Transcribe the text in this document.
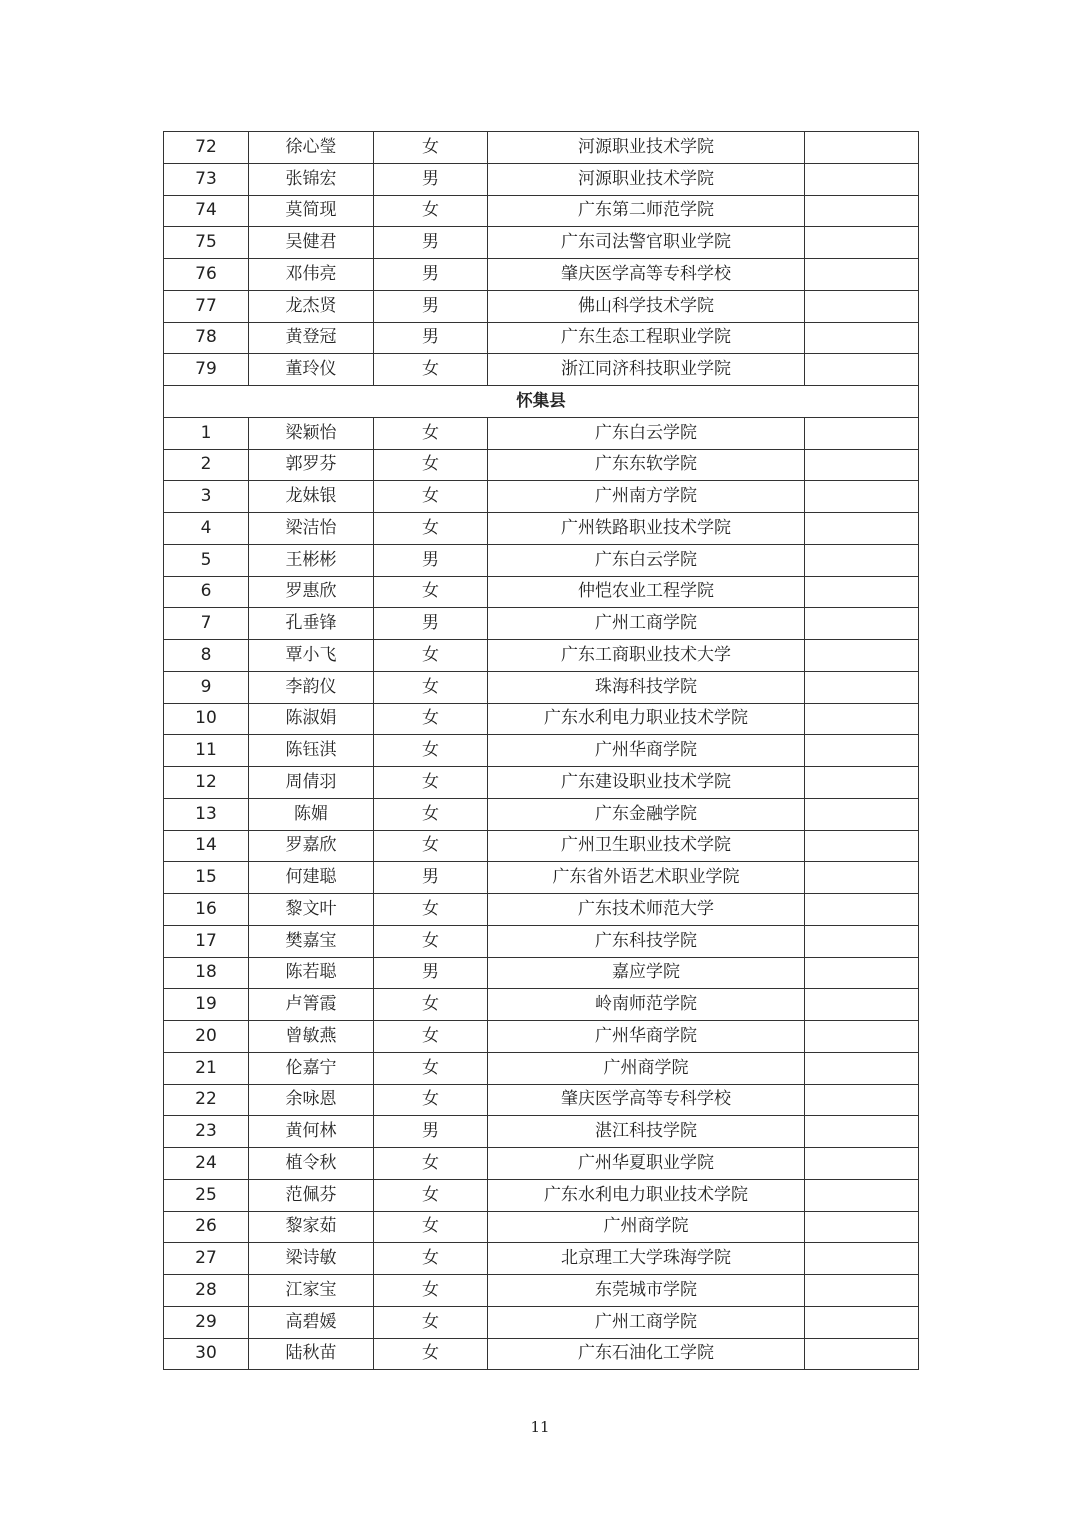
72	徐心瑩	女	河源职业技术学院	
73	张锦宏	男	河源职业技术学院	
74	莫简现	女	广东第二师范学院	
75	吴健君	男	广东司法警官职业学院	
76	邓伟亮	男	肇庆医学高等专科学校	
77	龙杰贤	男	佛山科学技术学院	
78	黄登冠	男	广东生态工程职业学院	
79	董玲仪	女	浙江同济科技职业学院	
怀集县				
1	梁颖怡	女	广东白云学院	
2	郭罗芬	女	广东东软学院	
3	龙妹银	女	广州南方学院	
4	梁洁怡	女	广州铁路职业技术学院	
5	王彬彬	男	广东白云学院	
6	罗惠欣	女	仲恺农业工程学院	
7	孔垂锋	男	广州工商学院	
8	覃小飞	女	广东工商职业技术大学	
9	李韵仪	女	珠海科技学院	
10	陈淑娟	女	广东水利电力职业技术学院	
11	陈钰淇	女	广州华商学院	
12	周倩羽	女	广东建设职业技术学院	
13	陈媚	女	广东金融学院	
14	罗嘉欣	女	广州卫生职业技术学院	
15	何建聪	男	广东省外语艺术职业学院	
16	黎文叶	女	广东技术师范大学	
17	樊嘉宝	女	广东科技学院	
18	陈若聪	男	嘉应学院	
19	卢箐霞	女	岭南师范学院	
20	曾敏燕	女	广州华商学院	
21	伦嘉宁	女	广州商学院	
22	余咏恩	女	肇庆医学高等专科学校	
23	黄何林	男	湛江科技学院	
24	植令秋	女	广州华夏职业学院	
25	范佩芬	女	广东水利电力职业技术学院	
26	黎家茹	女	广州商学院	
27	梁诗敏	女	北京理工大学珠海学院	
28	江家宝	女	东莞城市学院	
29	高碧媛	女	广州工商学院	
30	陆秋苗	女	广东石油化工学院	
11
